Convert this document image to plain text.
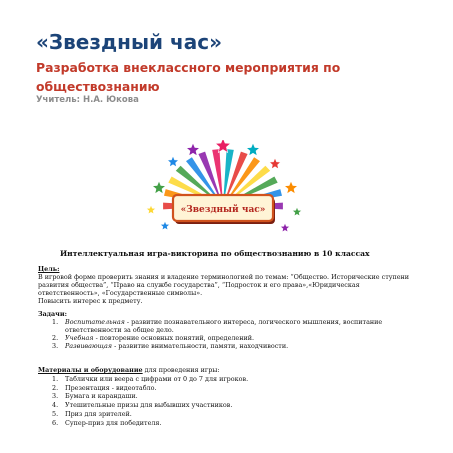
«Звездный час»
Разработка внеклассного мероприятия по обществознанию
Учитель: Н.А. Юкова
«Звездный час»
Интеллектуальная игра-викторина по обществознанию в 10 классах
Цель:
В игровой форме проверить знания и владение терминологией по темам: “Общество. Исторические ступени развития общества”, “Право на службе государства”, “Подросток и его права»,«Юридическая ответственность», «Государственные символы».
Повысить интерес к предмету.
Задачи:
1. Воспитательная - развитие познавательного интереса, логического мышления, воспитание ответственности за общее дело.
2. Учебная - повторение основных понятий, определений.
3. Развивающая - развитие внимательности, памяти, находчивости.
Материалы и оборудование для проведения игры:
1. Таблички или веера с цифрами от 0 до 7 для игроков.
2. Презентация - видеотабло.
3. Бумага и карандаши.
4. Утешительные призы для выбывших участников.
5. Приз для зрителей.
6. Супер-приз для победителя.
